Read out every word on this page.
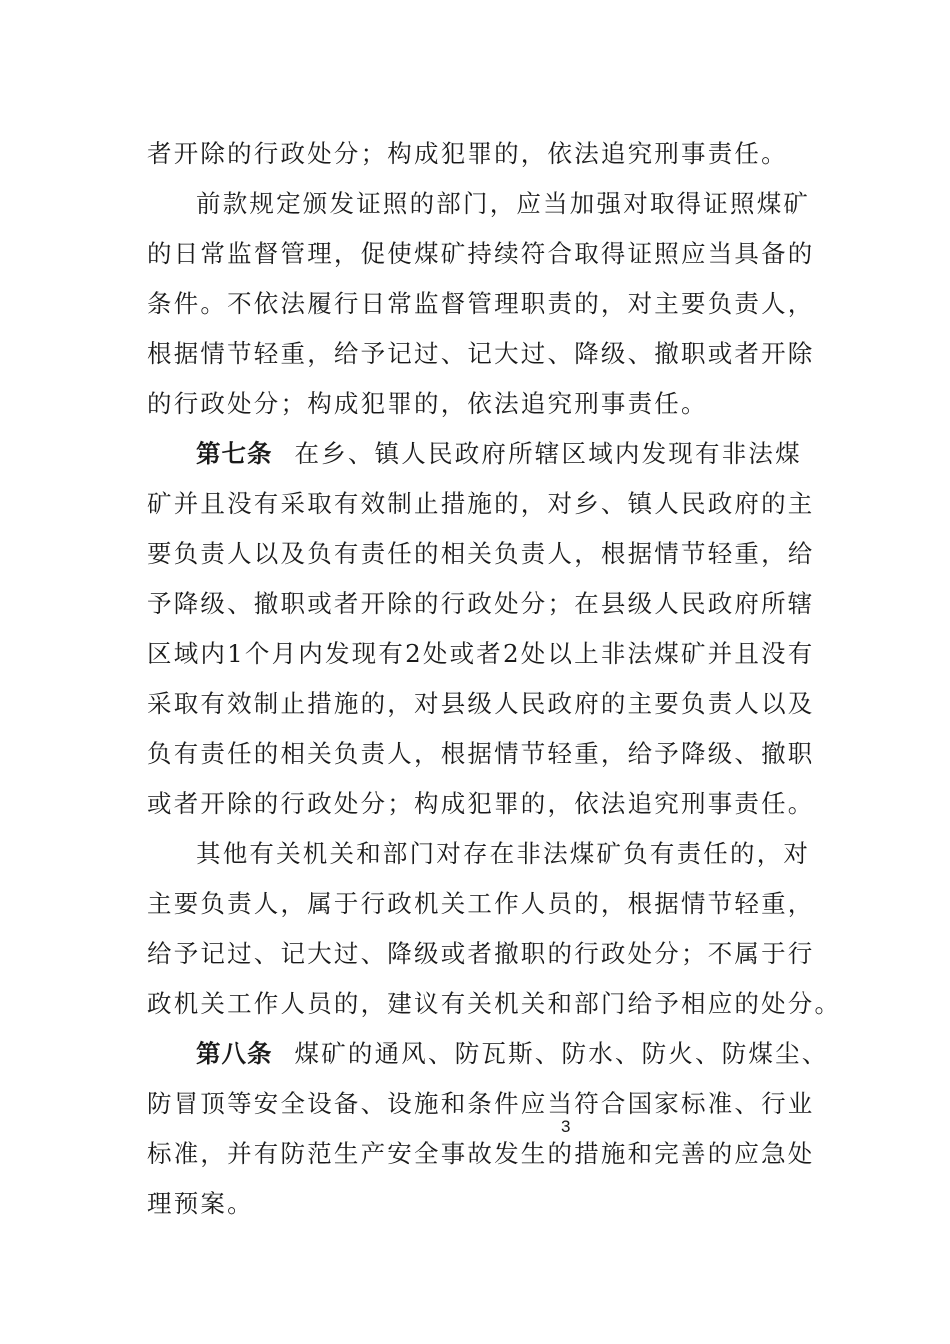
者开除的行政处分；构成犯罪的，依法追究刑事责任。
前款规定颁发证照的部门，应当加强对取得证照煤矿
的日常监督管理，促使煤矿持续符合取得证照应当具备的
条件。不依法履行日常监督管理职责的，对主要负责人，
根据情节轻重，给予记过、记大过、降级、撤职或者开除
的行政处分；构成犯罪的，依法追究刑事责任。
第七条 在乡、镇人民政府所辖区域内发现有非法煤
矿并且没有采取有效制止措施的，对乡、镇人民政府的主
要负责人以及负有责任的相关负责人，根据情节轻重，给
予降级、撤职或者开除的行政处分；在县级人民政府所辖
区域内1个月内发现有2处或者2处以上非法煤矿并且没有
采取有效制止措施的，对县级人民政府的主要负责人以及
负有责任的相关负责人，根据情节轻重，给予降级、撤职
或者开除的行政处分；构成犯罪的，依法追究刑事责任。
其他有关机关和部门对存在非法煤矿负有责任的，对
主要负责人，属于行政机关工作人员的，根据情节轻重，
给予记过、记大过、降级或者撤职的行政处分；不属于行
政机关工作人员的，建议有关机关和部门给予相应的处分。
第八条 煤矿的通风、防瓦斯、防水、防火、防煤尘、
防冒顶等安全设备、设施和条件应当符合国家标准、行业
标准，并有防范生产安全事故发生的措施和完善的应急处
理预案。
3
